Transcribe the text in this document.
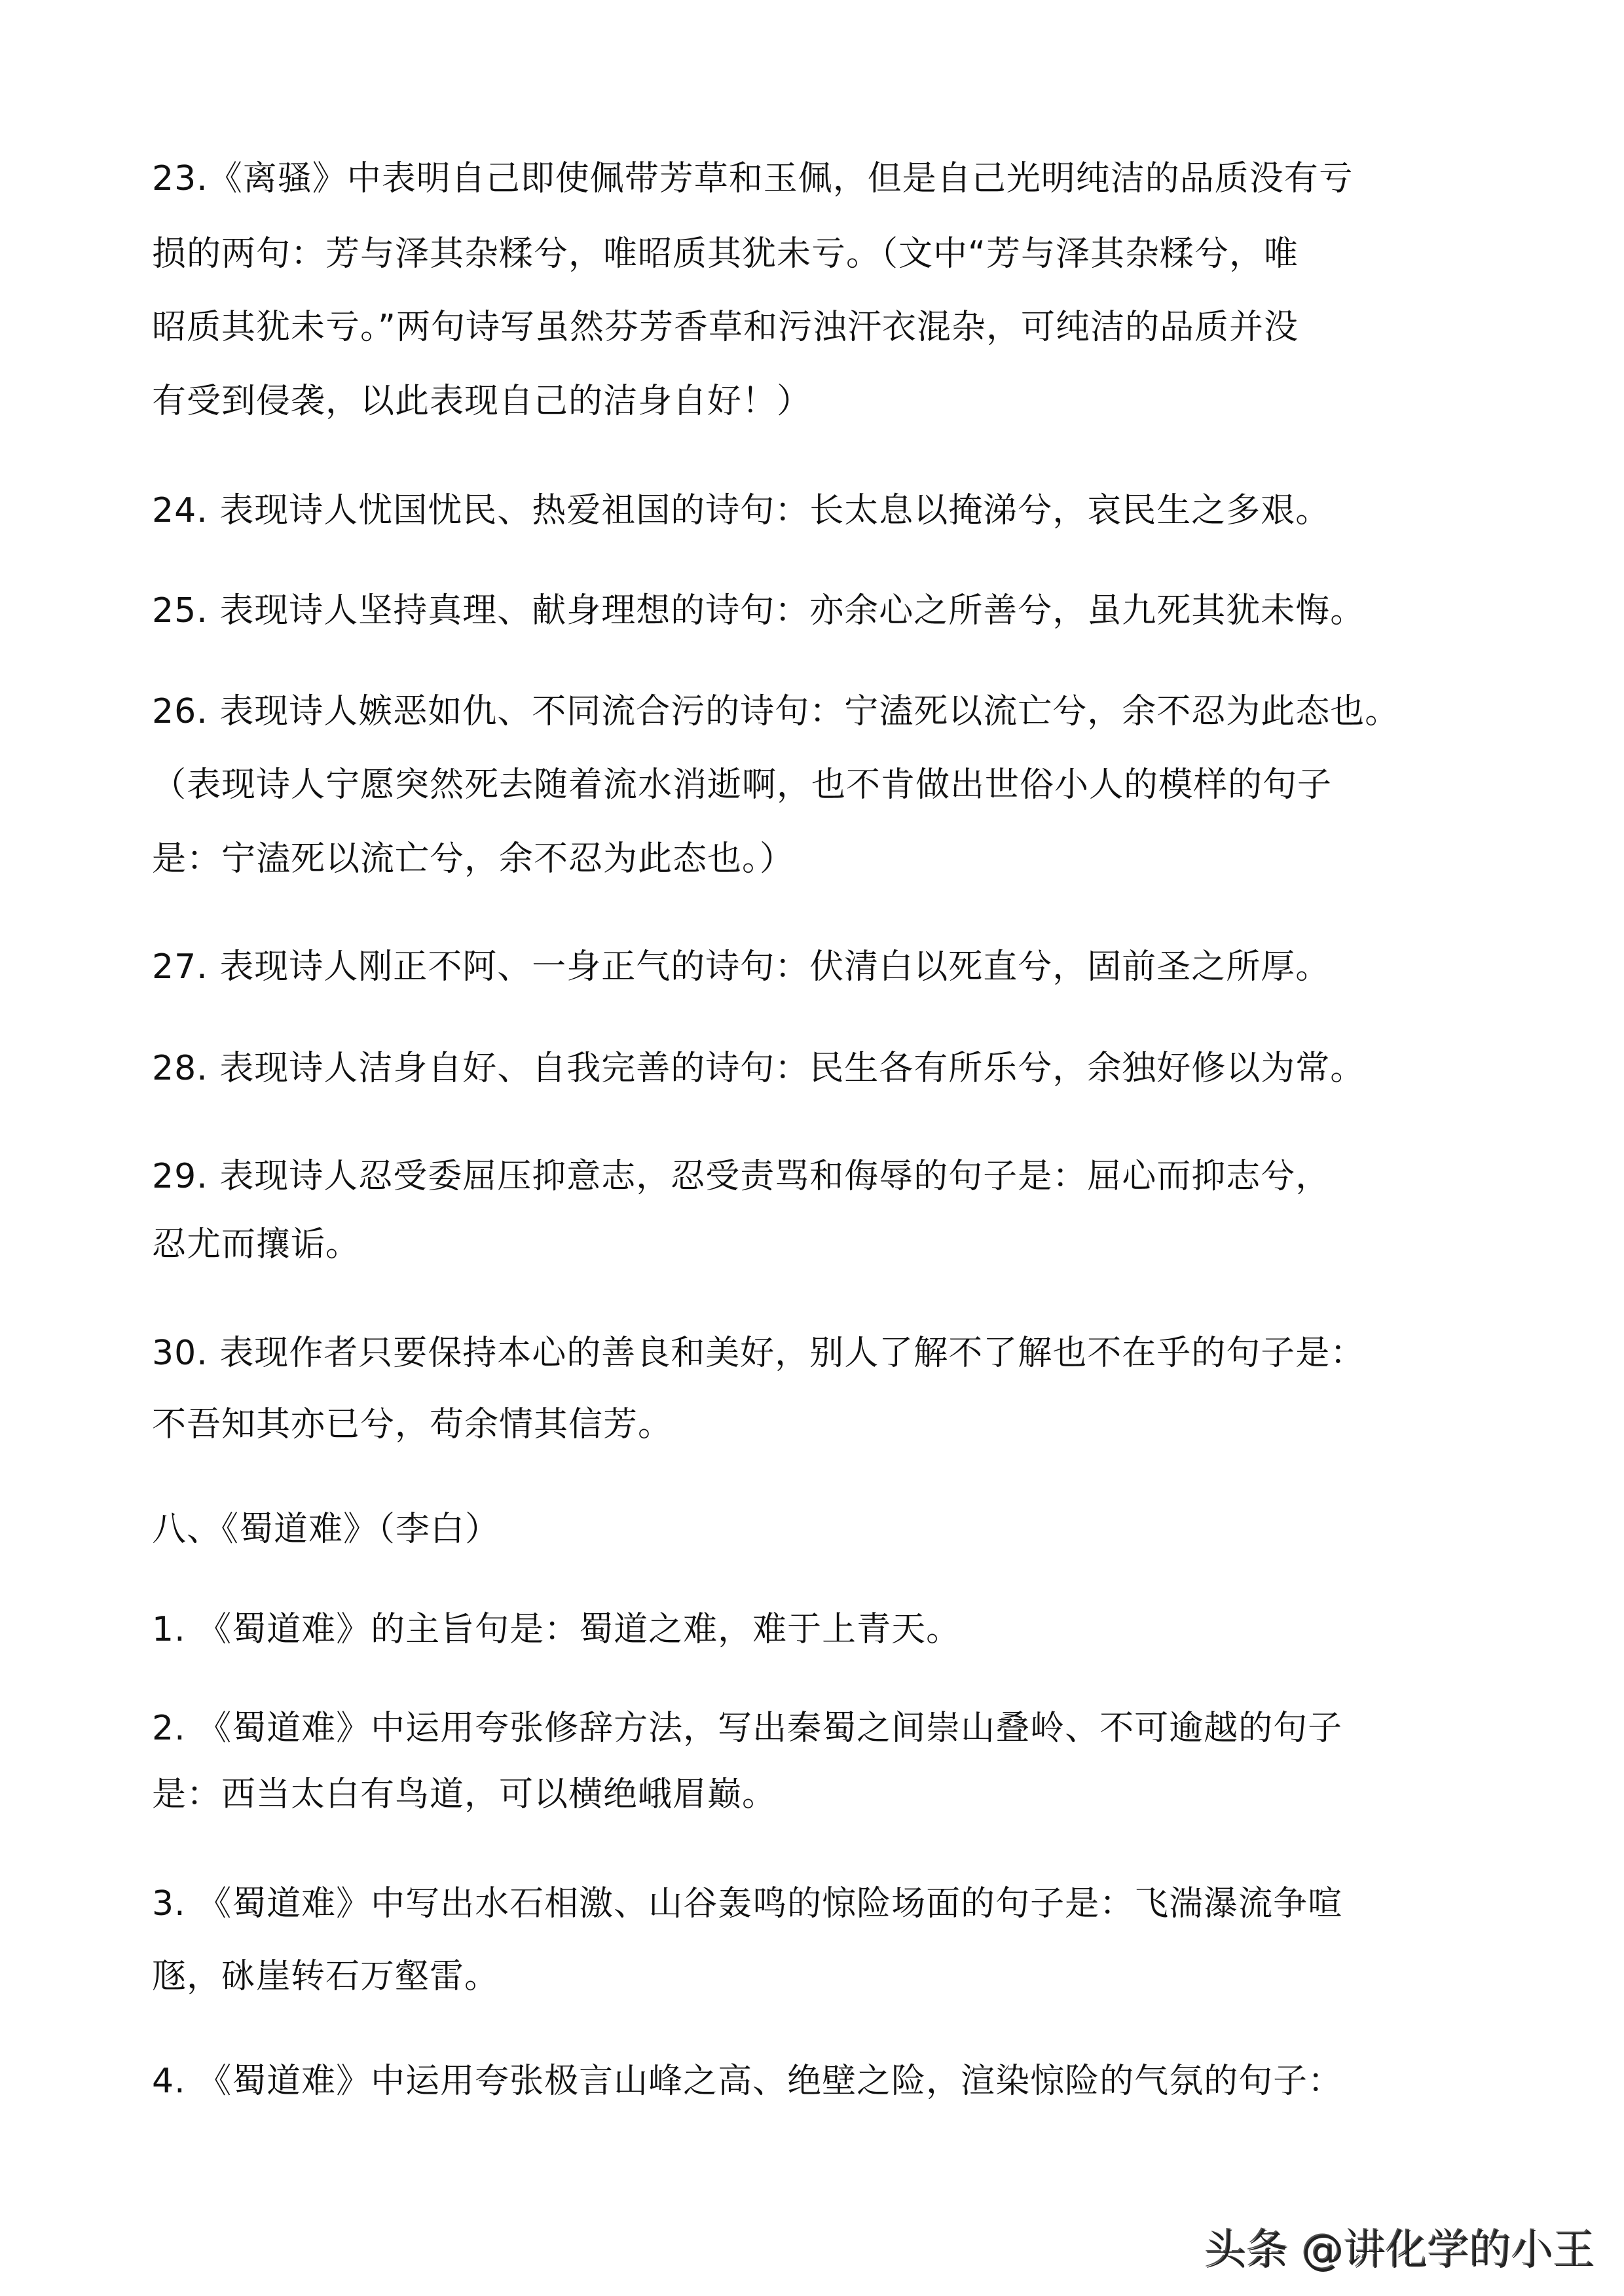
23.《离骚》中表明自己即使佩带芳草和玉佩，但是自己光明纯洁的品质没有亏
损的两句：芳与泽其杂糅兮，唯昭质其犹未亏。（文中“芳与泽其杂糅兮，唯
昭质其犹未亏。”两句诗写虽然芬芳香草和污浊汗衣混杂，可纯洁的品质并没
有受到侵袭，以此表现自己的洁身自好！）
24. 表现诗人忧国忧民、热爱祖国的诗句：长太息以掩涕兮，哀民生之多艰。
25. 表现诗人坚持真理、献身理想的诗句：亦余心之所善兮，虽九死其犹未悔。
26. 表现诗人嫉恶如仇、不同流合污的诗句：宁溘死以流亡兮，余不忍为此态也。
（表现诗人宁愿突然死去随着流水消逝啊，也不肯做出世俗小人的模样的句子
是：宁溘死以流亡兮，余不忍为此态也。）
27. 表现诗人刚正不阿、一身正气的诗句：伏清白以死直兮，固前圣之所厚。
28. 表现诗人洁身自好、自我完善的诗句：民生各有所乐兮，余独好修以为常。
29. 表现诗人忍受委屈压抑意志，忍受责骂和侮辱的句子是：屈心而抑志兮，
忍尤而攘诟。
30. 表现作者只要保持本心的善良和美好，别人了解不了解也不在乎的句子是：
不吾知其亦已兮，苟余情其信芳。
八、《蜀道难》（李白）
1. 《蜀道难》的主旨句是：蜀道之难，难于上青天。
2. 《蜀道难》中运用夸张修辞方法，写出秦蜀之间崇山叠岭、不可逾越的句子
是：西当太白有鸟道，可以横绝峨眉巅。
3. 《蜀道难》中写出水石相激、山谷轰鸣的惊险场面的句子是：飞湍瀑流争喧
豗，砯崖转石万壑雷。
4. 《蜀道难》中运用夸张极言山峰之高、绝壁之险，渲染惊险的气氛的句子：
头条 @讲化学的小王
